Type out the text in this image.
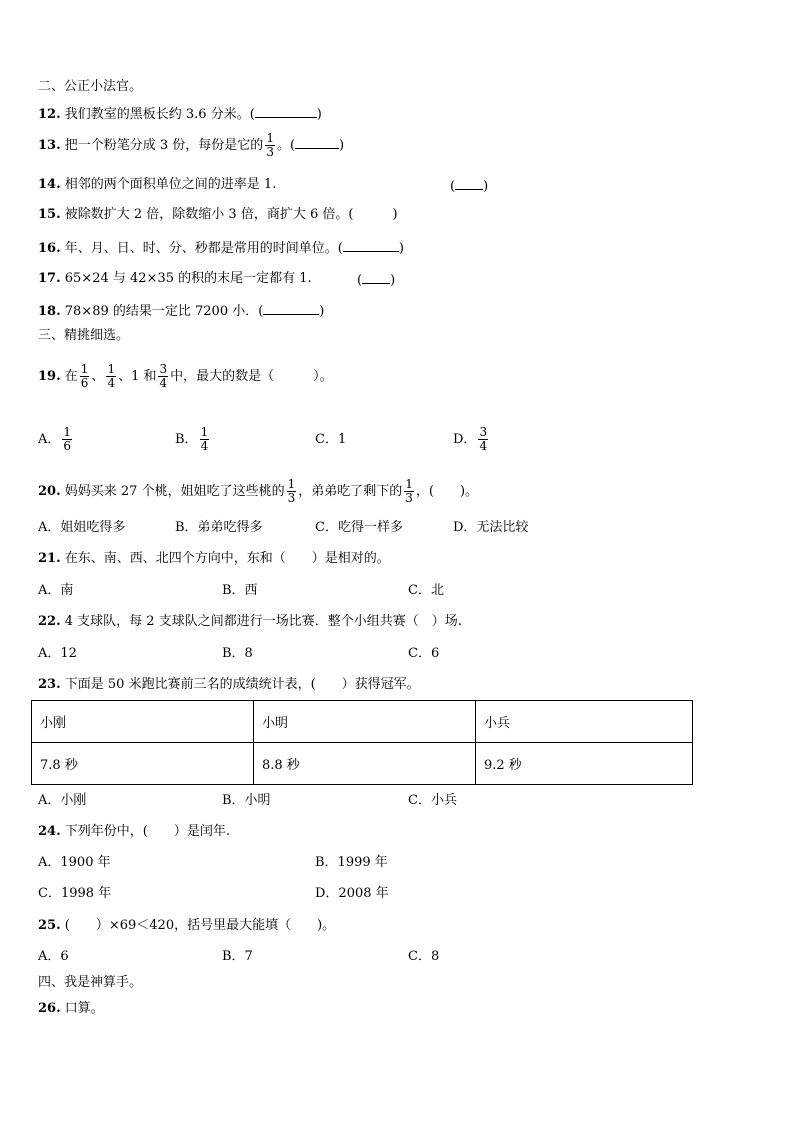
二、公正小法官。
12. 我们教室的黑板长约 3.6 分米。(	)
13. 把一个粉笔分成 3 份，每份是它的 $\frac{1}{3}$ 。(	)
14. 相邻的两个面积单位之间的进率是 1.	( )
15. 被除数扩大 2 倍，除数缩小 3 倍，商扩大 6 倍。(　　　)
16. 年、月、日、时、分、秒都是常用的时间单位。(	)
17. 65×24 与 42×35 的积的末尾一定都有 1.	( )
18. 78×89 的结果一定比 7200 小．(	)
三、精挑细选。
19. 在 $\frac{1}{6}$ 、 $\frac{1}{4}$ 、1 和 $\frac{3}{4}$ 中，最大的数是（　　　）。
A． $\frac{1}{6}$	B． $\frac{1}{4}$	C．1	D． $\frac{3}{4}$
20. 妈妈买来 27 个桃，姐姐吃了这些桃的 $\frac{1}{3}$ ，弟弟吃了剩下的 $\frac{1}{3}$ ，(　　)。
A．姐姐吃得多	B．弟弟吃得多	C．吃得一样多	D．无法比较
21. 在东、南、西、北四个方向中，东和（　　）是相对的。
A．南	B．西	C．北
22. 4 支球队，每 2 支球队之间都进行一场比赛．整个小组共赛（　）场.
A．12	B．8	C．6
23. 下面是 50 米跑比赛前三名的成绩统计表，(　　）获得冠军。
小刚	小明	小兵
7.8 秒	8.8 秒	9.2 秒
A．小刚	B．小明	C．小兵
24. 下列年份中，(　　）是闰年.
A．1900 年	B．1999 年
C．1998 年	D．2008 年
25. (　　）×69＜420，括号里最大能填（　　)。
A．6	B．7	C．8
四、我是神算手。
26. 口算。
